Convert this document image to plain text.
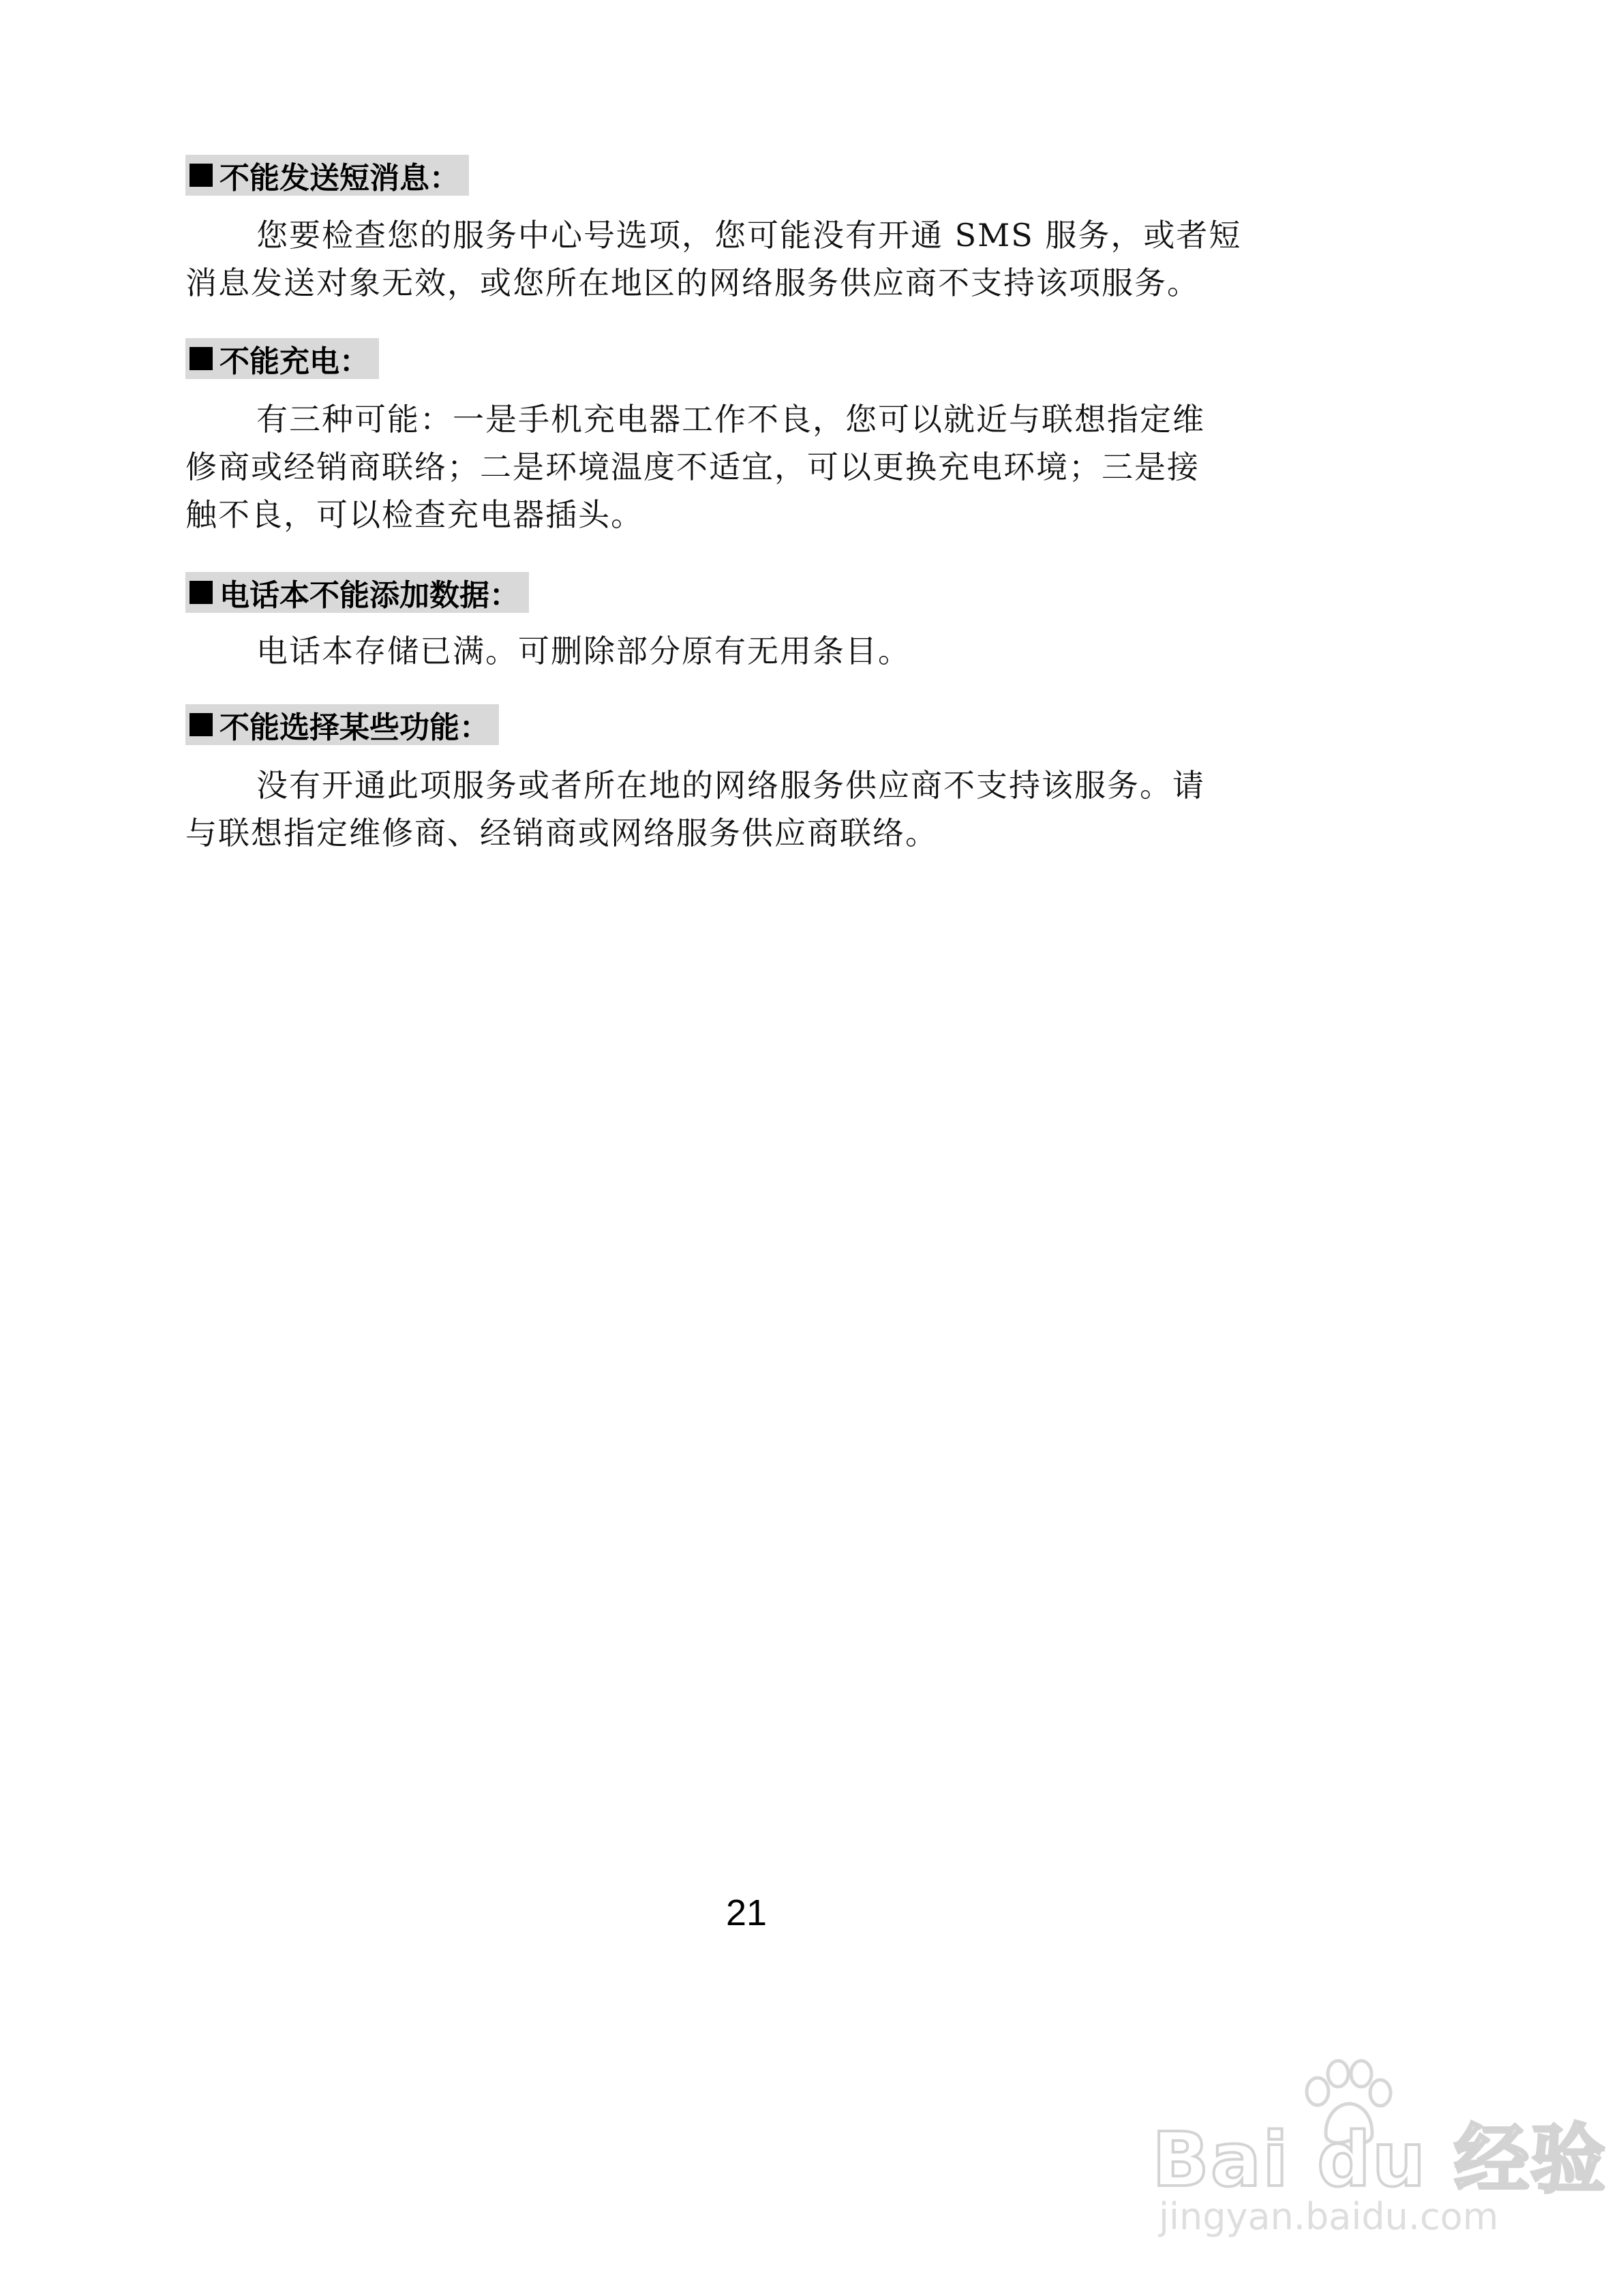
不能发送短消息：
您要检查您的服务中心号选项，您可能没有开通 SMS 服务，或者短
消息发送对象无效，或您所在地区的网络服务供应商不支持该项服务。
不能充电：
有三种可能：一是手机充电器工作不良，您可以就近与联想指定维
修商或经销商联络；二是环境温度不适宜，可以更换充电环境；三是接
触不良，可以检查充电器插头。
电话本不能添加数据：
电话本存储已满。可删除部分原有无用条目。
不能选择某些功能：
没有开通此项服务或者所在地的网络服务供应商不支持该服务。请
与联想指定维修商、经销商或网络服务供应商联络。
21
Bai du 经验
jingyan.baidu.com
